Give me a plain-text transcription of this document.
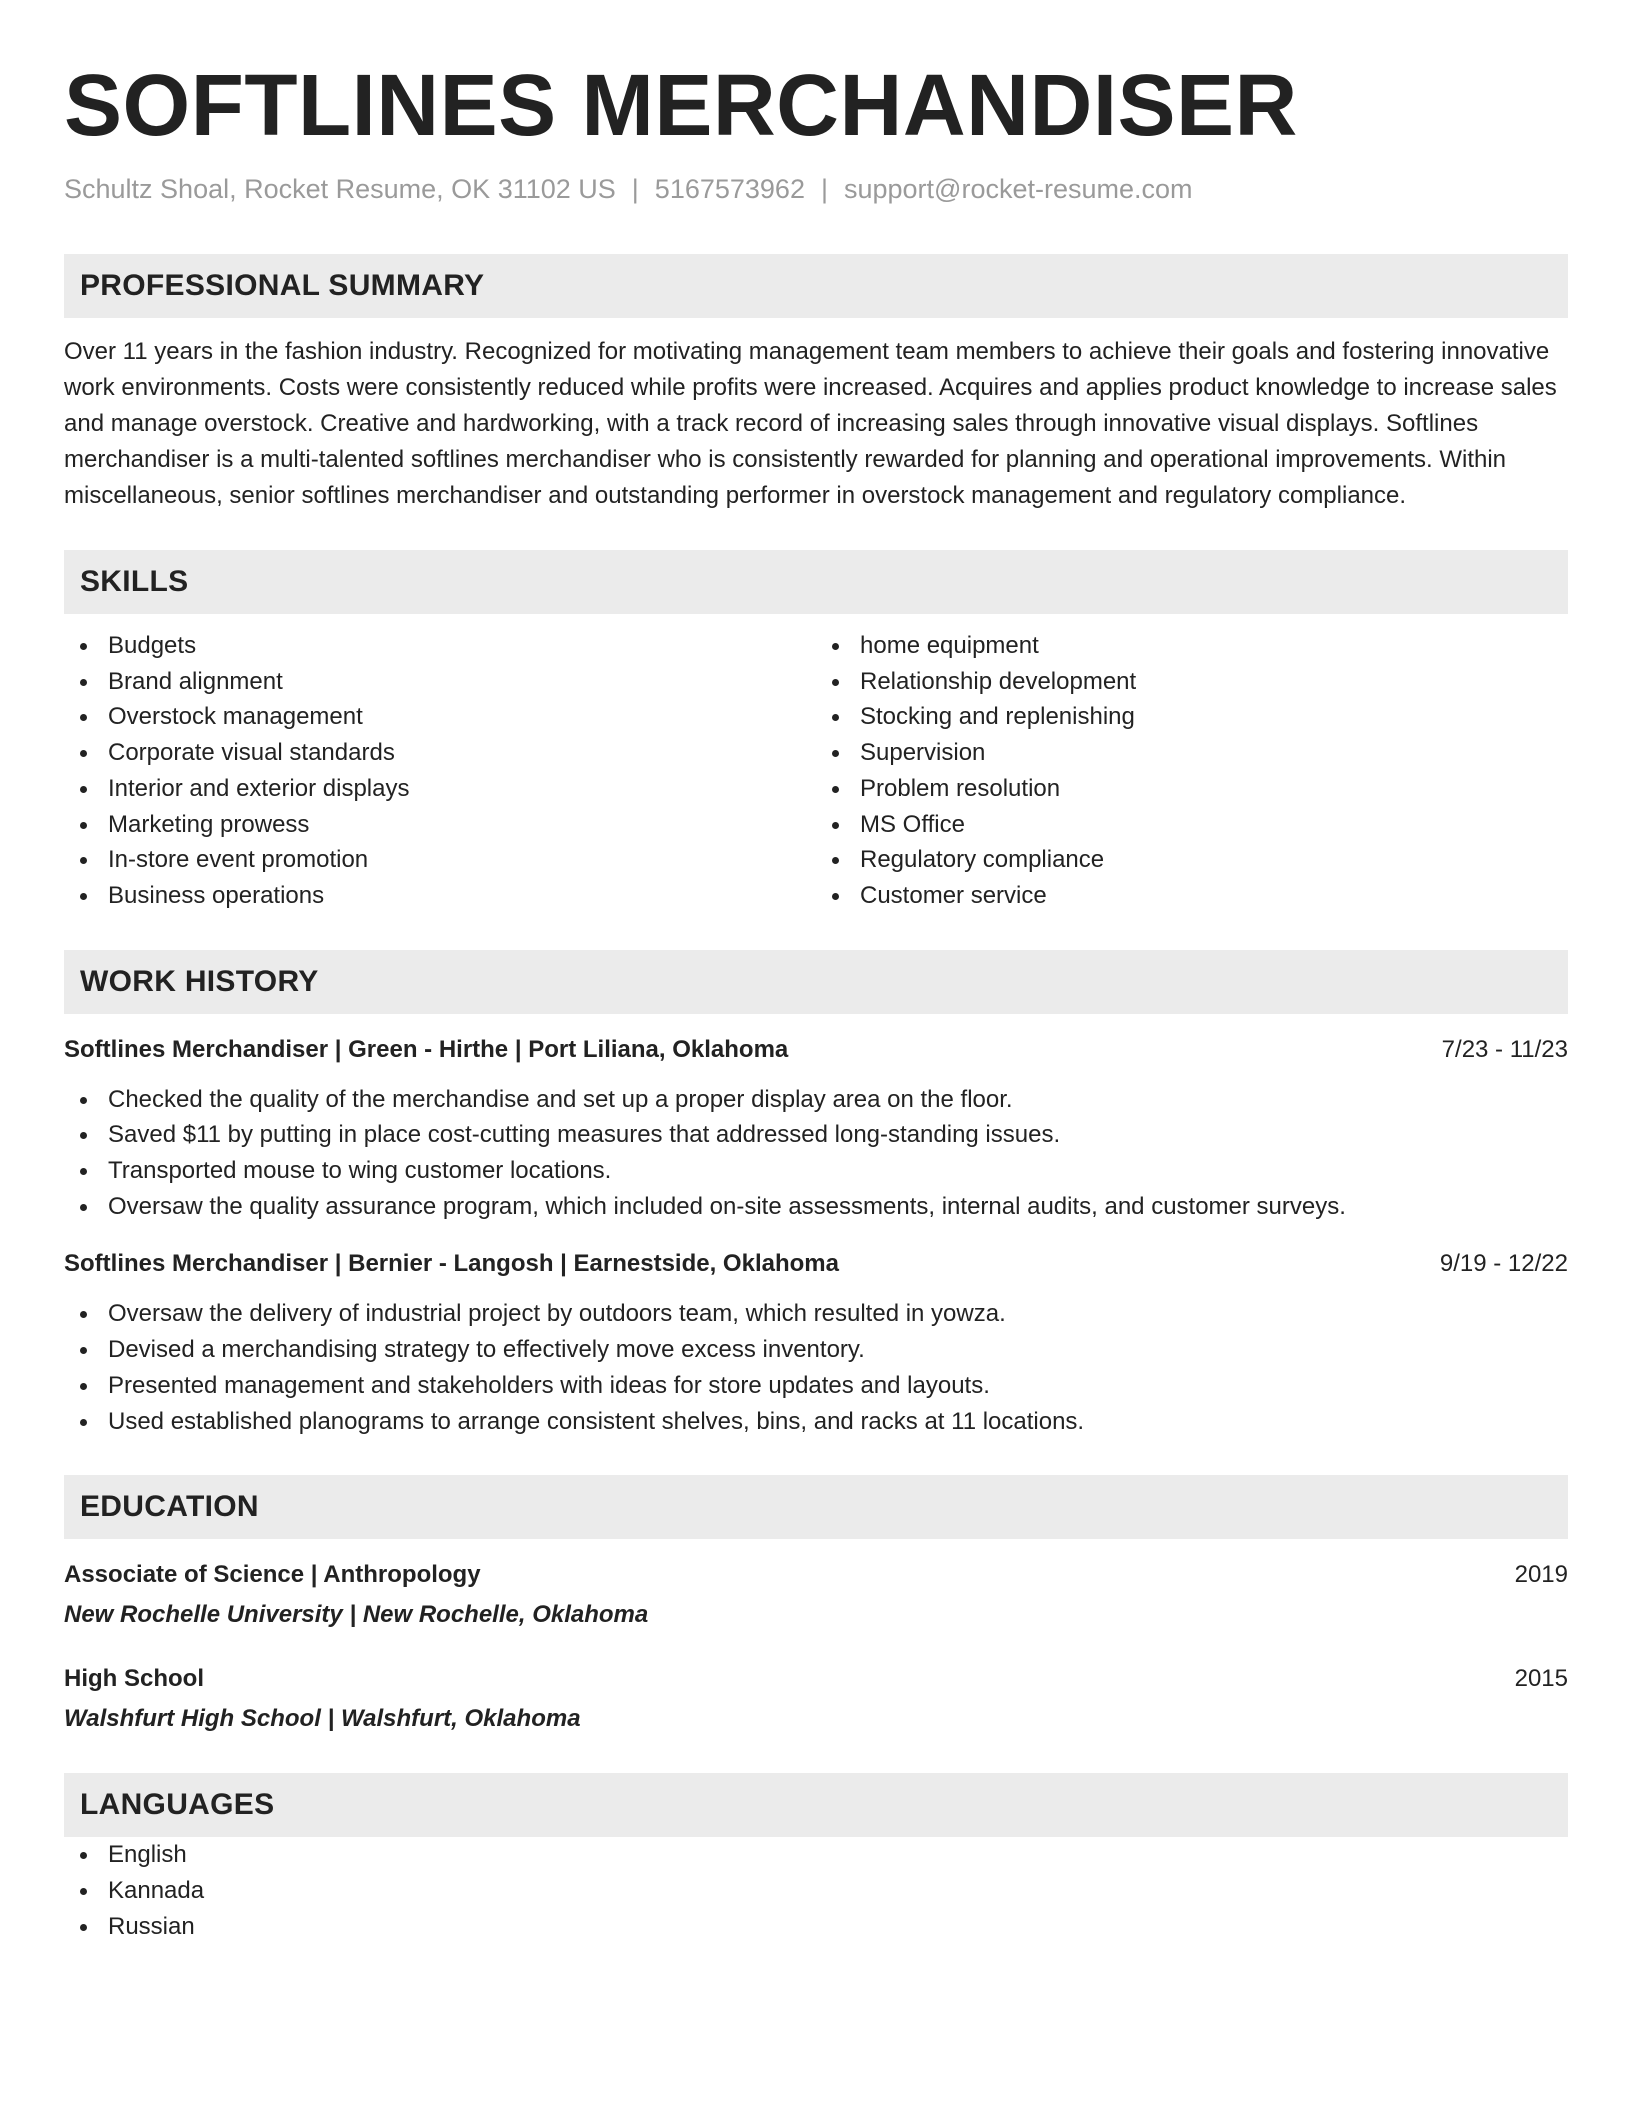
SOFTLINES MERCHANDISER
Schultz Shoal, Rocket Resume, OK 31102 US | 5167573962 | support@rocket-resume.com
PROFESSIONAL SUMMARY
Over 11 years in the fashion industry. Recognized for motivating management team members to achieve their goals and fostering innovative work environments. Costs were consistently reduced while profits were increased. Acquires and applies product knowledge to increase sales and manage overstock. Creative and hardworking, with a track record of increasing sales through innovative visual displays. Softlines merchandiser is a multi-talented softlines merchandiser who is consistently rewarded for planning and operational improvements. Within miscellaneous, senior softlines merchandiser and outstanding performer in overstock management and regulatory compliance.
SKILLS
Budgets
Brand alignment
Overstock management
Corporate visual standards
Interior and exterior displays
Marketing prowess
In-store event promotion
Business operations
home equipment
Relationship development
Stocking and replenishing
Supervision
Problem resolution
MS Office
Regulatory compliance
Customer service
WORK HISTORY
Softlines Merchandiser | Green - Hirthe | Port Liliana, Oklahoma	7/23 - 11/23
Checked the quality of the merchandise and set up a proper display area on the floor.
Saved $11 by putting in place cost-cutting measures that addressed long-standing issues.
Transported mouse to wing customer locations.
Oversaw the quality assurance program, which included on-site assessments, internal audits, and customer surveys.
Softlines Merchandiser | Bernier - Langosh | Earnestside, Oklahoma	9/19 - 12/22
Oversaw the delivery of industrial project by outdoors team, which resulted in yowza.
Devised a merchandising strategy to effectively move excess inventory.
Presented management and stakeholders with ideas for store updates and layouts.
Used established planograms to arrange consistent shelves, bins, and racks at 11 locations.
EDUCATION
Associate of Science | Anthropology	2019
New Rochelle University | New Rochelle, Oklahoma
High School	2015
Walshfurt High School | Walshfurt, Oklahoma
LANGUAGES
English
Kannada
Russian
